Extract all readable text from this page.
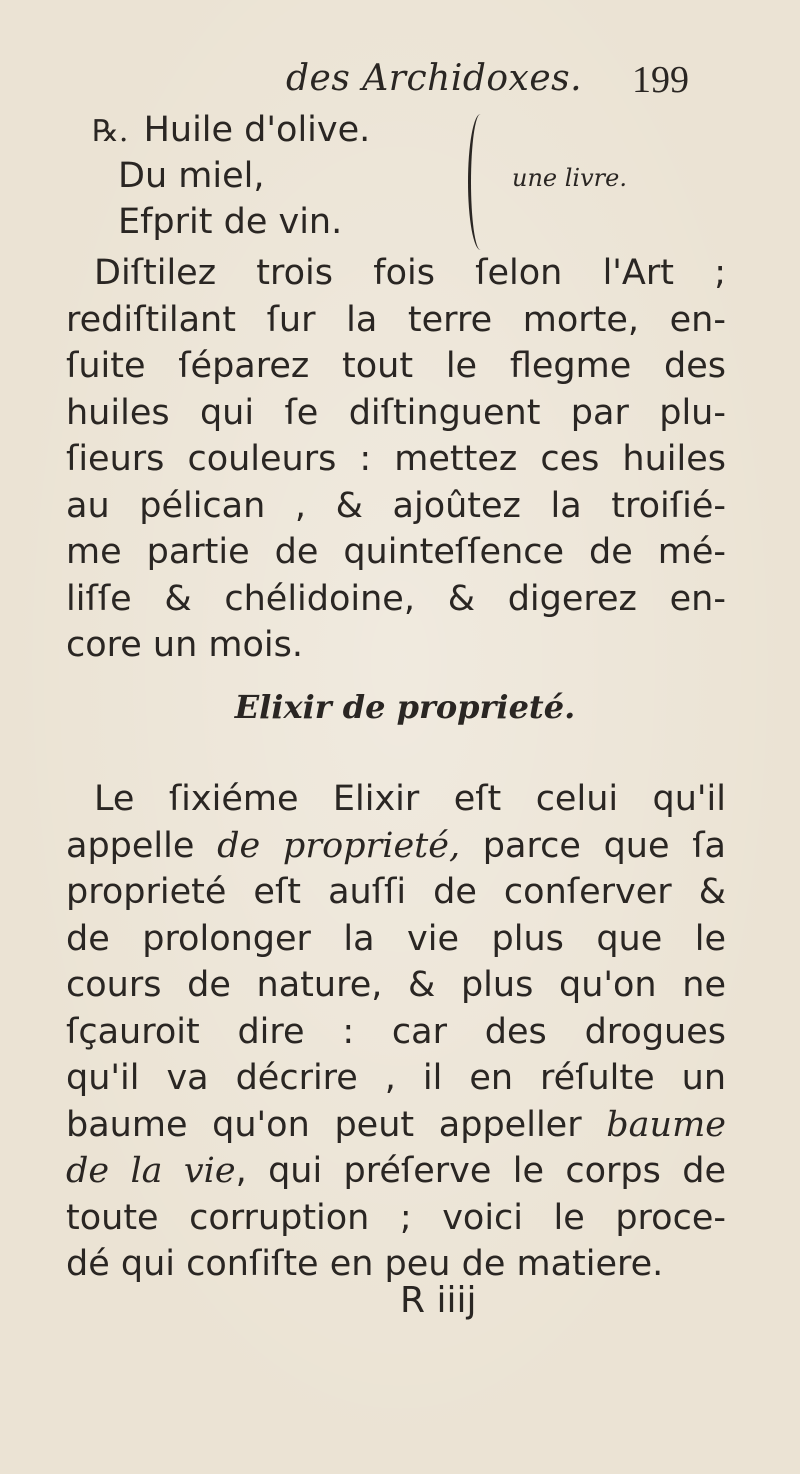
des Archidoxes. 199
℞. Huile d'olive.
Du miel,
Efprit de vin.
une livre.
Diſtilez trois fois ſelon l'Art ;
rediſtilant ſur la terre morte, en-
ſuite ſéparez tout le flegme des
huiles qui ſe diſtinguent par plu-
ſieurs couleurs : mettez ces huiles
au pélican , & ajoûtez la troiſié-
me partie de quinteſſence de mé-
liſſe & chélidoine, & digerez en-
core un mois.
Elixir de proprieté.
Le ſixiéme Elixir eſt celui qu'il
appelle de proprieté, parce que ſa
proprieté eſt auſſi de conſerver &
de prolonger la vie plus que le
cours de nature, & plus qu'on ne
ſçauroit dire : car des drogues
qu'il va décrire , il en réſulte un
baume qu'on peut appeller baume
de la vie, qui préſerve le corps de
toute corruption ; voici le proce-
dé qui conſiſte en peu de matiere.
R iiij
